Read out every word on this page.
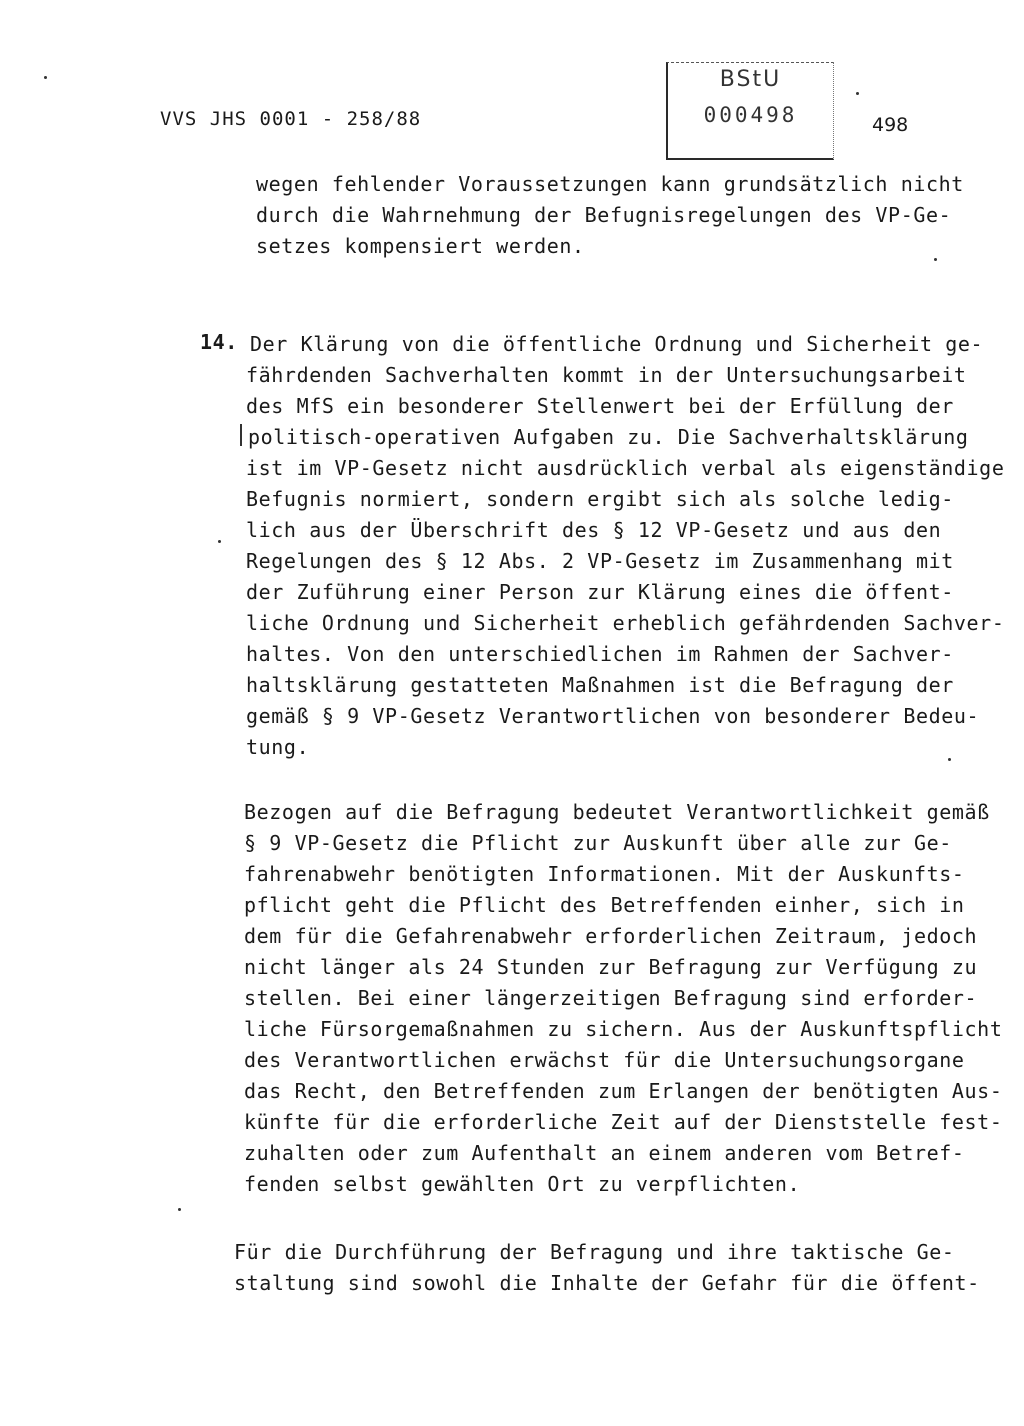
VVS JHS 0001 - 258/88
BStU
000498	498
wegen fehlender Voraussetzungen kann grundsätzlich nicht
durch die Wahrnehmung der Befugnisregelungen des VP-Ge-
setzes kompensiert werden.
14. Der Klärung von die öffentliche Ordnung und Sicherheit ge-
fährdenden Sachverhalten kommt in der Untersuchungsarbeit
des MfS ein besonderer Stellenwert bei der Erfüllung der
politisch-operativen Aufgaben zu. Die Sachverhaltsklärung
ist im VP-Gesetz nicht ausdrücklich verbal als eigenständige
Befugnis normiert, sondern ergibt sich als solche ledig-
lich aus der Überschrift des § 12 VP-Gesetz und aus den
Regelungen des § 12 Abs. 2 VP-Gesetz im Zusammenhang mit
der Zuführung einer Person zur Klärung eines die öffent-
liche Ordnung und Sicherheit erheblich gefährdenden Sachver-
haltes. Von den unterschiedlichen im Rahmen der Sachver-
haltsklärung gestatteten Maßnahmen ist die Befragung der
gemäß § 9 VP-Gesetz Verantwortlichen von besonderer Bedeu-
tung.
Bezogen auf die Befragung bedeutet Verantwortlichkeit gemäß
§ 9 VP-Gesetz die Pflicht zur Auskunft über alle zur Ge-
fahrenabwehr benötigten Informationen. Mit der Auskunfts-
pflicht geht die Pflicht des Betreffenden einher, sich in
dem für die Gefahrenabwehr erforderlichen Zeitraum, jedoch
nicht länger als 24 Stunden zur Befragung zur Verfügung zu
stellen. Bei einer längerzeitigen Befragung sind erforder-
liche Fürsorgemaßnahmen zu sichern. Aus der Auskunftspflicht
des Verantwortlichen erwächst für die Untersuchungsorgane
das Recht, den Betreffenden zum Erlangen der benötigten Aus-
künfte für die erforderliche Zeit auf der Dienststelle fest-
zuhalten oder zum Aufenthalt an einem anderen vom Betref-
fenden selbst gewählten Ort zu verpflichten.
Für die Durchführung der Befragung und ihre taktische Ge-
staltung sind sowohl die Inhalte der Gefahr für die öffent-
